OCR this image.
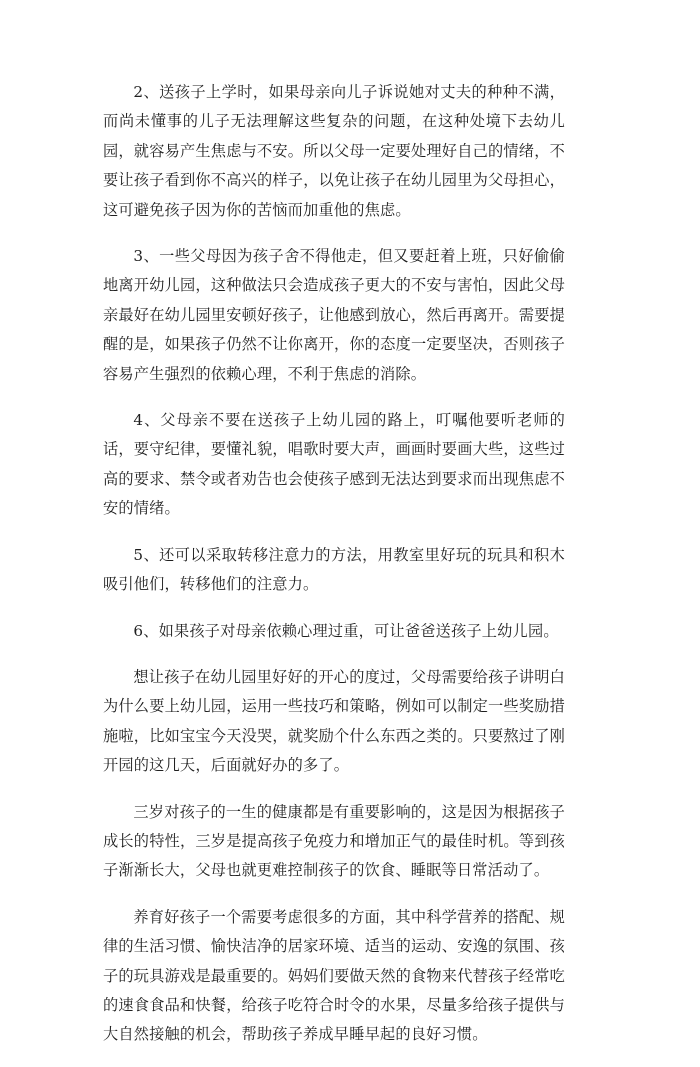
2、送孩子上学时，如果母亲向儿子诉说她对丈夫的种种不满，而尚未懂事的儿子无法理解这些复杂的问题，在这种处境下去幼儿园，就容易产生焦虑与不安。所以父母一定要处理好自己的情绪，不要让孩子看到你不高兴的样子，以免让孩子在幼儿园里为父母担心，这可避免孩子因为你的苦恼而加重他的焦虑。

3、一些父母因为孩子舍不得他走，但又要赶着上班，只好偷偷地离开幼儿园，这种做法只会造成孩子更大的不安与害怕，因此父母亲最好在幼儿园里安顿好孩子，让他感到放心，然后再离开。需要提醒的是，如果孩子仍然不让你离开，你的态度一定要坚决，否则孩子容易产生强烈的依赖心理，不利于焦虑的消除。

4、父母亲不要在送孩子上幼儿园的路上，叮嘱他要听老师的话，要守纪律，要懂礼貌，唱歌时要大声，画画时要画大些，这些过高的要求、禁令或者劝告也会使孩子感到无法达到要求而出现焦虑不安的情绪。

5、还可以采取转移注意力的方法，用教室里好玩的玩具和积木吸引他们，转移他们的注意力。

6、如果孩子对母亲依赖心理过重，可让爸爸送孩子上幼儿园。

想让孩子在幼儿园里好好的开心的度过，父母需要给孩子讲明白为什么要上幼儿园，运用一些技巧和策略，例如可以制定一些奖励措施啦，比如宝宝今天没哭，就奖励个什么东西之类的。只要熬过了刚开园的这几天，后面就好办的多了。

三岁对孩子的一生的健康都是有重要影响的，这是因为根据孩子成长的特性，三岁是提高孩子免疫力和增加正气的最佳时机。等到孩子渐渐长大，父母也就更难控制孩子的饮食、睡眠等日常活动了。

养育好孩子一个需要考虑很多的方面，其中科学营养的搭配、规律的生活习惯、愉快洁净的居家环境、适当的运动、安逸的氛围、孩子的玩具游戏是最重要的。妈妈们要做天然的食物来代替孩子经常吃的速食食品和快餐，给孩子吃符合时令的水果，尽量多给孩子提供与大自然接触的机会，帮助孩子养成早睡早起的良好习惯。
